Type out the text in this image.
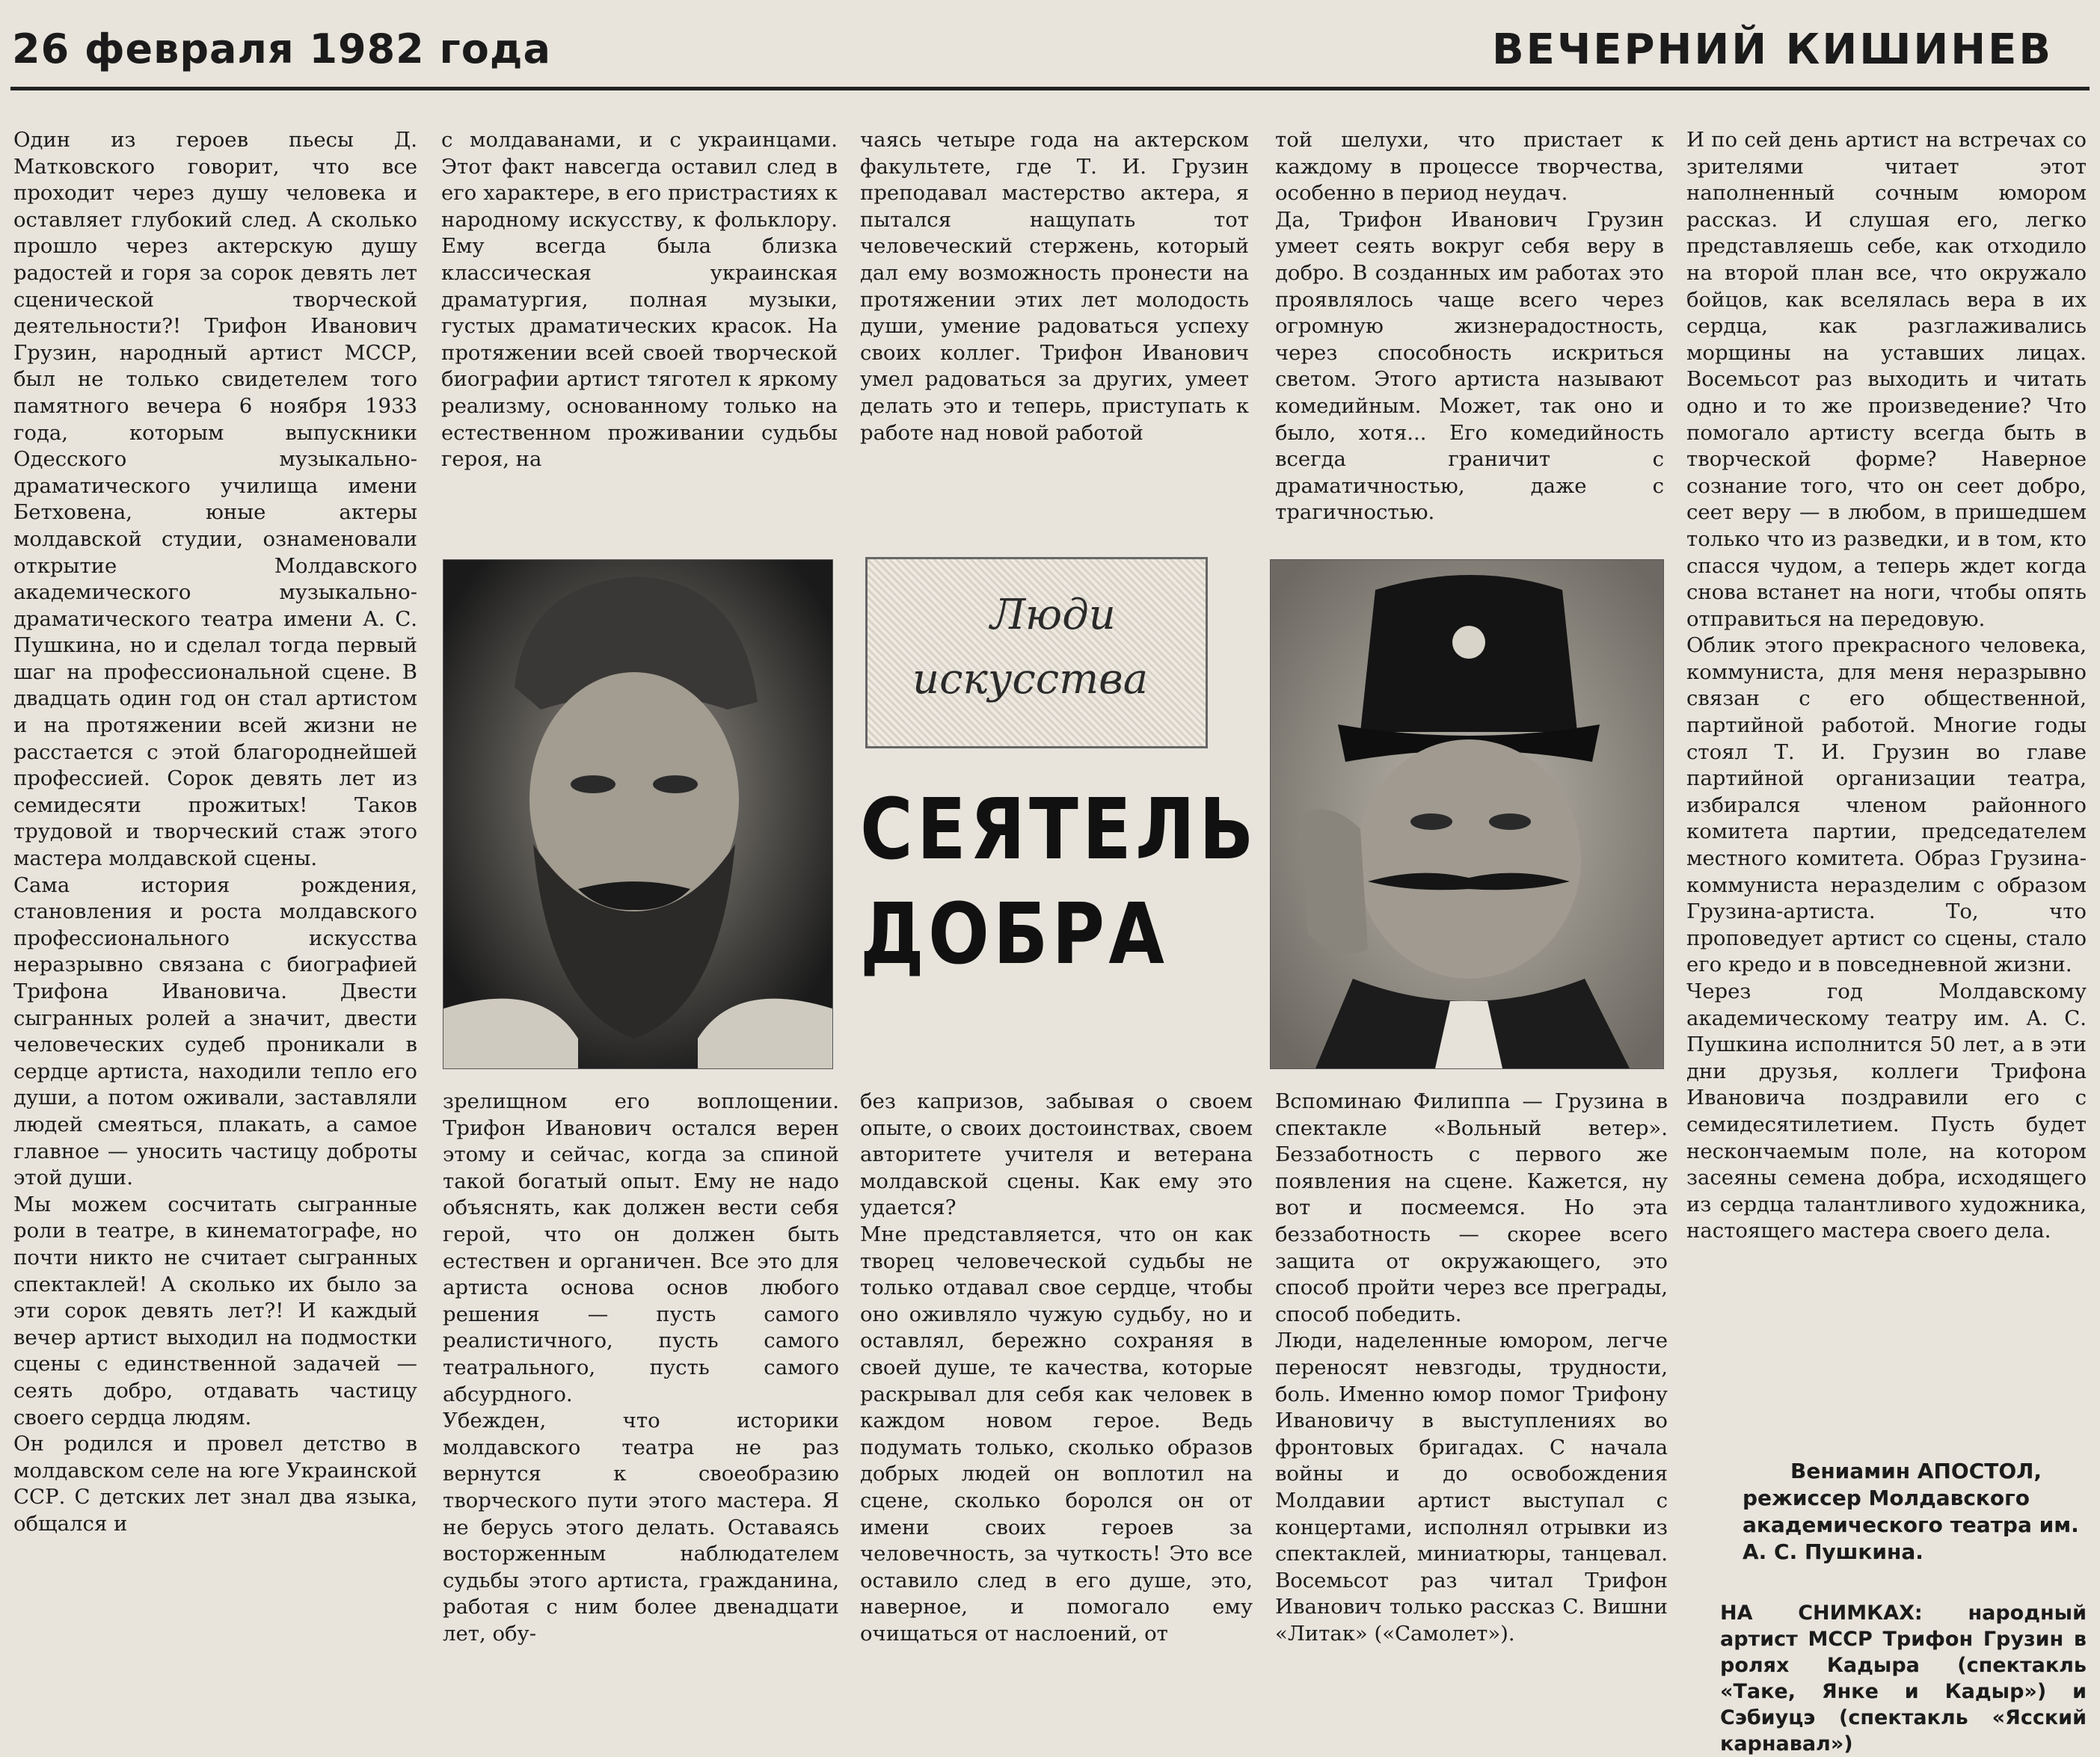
26 февраля 1982 года	ВЕЧЕРНИЙ КИШИНЕВ
Один из героев пьесы Д. Матковского говорит, что все проходит через душу человека и оставляет глубокий след. А сколько прошло через актерскую душу радостей и горя за сорок девять лет сценической творческой деятельности?! Трифон Иванович Грузин, народный артист МССР, был не только свидетелем того памятного вечера 6 ноября 1933 года, которым выпускники Одесского музыкально-драматического училища имени Бетховена, юные актеры молдавской студии, ознаменовали открытие Молдавского академического музыкально-драматического театра имени А. С. Пушкина, но и сделал тогда первый шаг на профессиональной сцене. В двадцать один год он стал артистом и на протяжении всей жизни не расстается с этой благороднейшей профессией. Сорок девять лет из семидесяти прожитых! Таков трудовой и творческий стаж этого мастера молдавской сцены.
Сама история рождения, становления и роста молдавского профессионального искусства неразрывно связана с биографией Трифона Ивановича. Двести сыгранных ролей а значит, двести человеческих судеб проникали в сердце артиста, находили тепло его души, а потом оживали, заставляли людей смеяться, плакать, а самое главное — уносить частицу доброты этой души.
Мы можем сосчитать сыгранные роли в театре, в кинематографе, но почти никто не считает сыгранных спектаклей! А сколько их было за эти сорок девять лет?! И каждый вечер артист выходил на подмостки сцены с единственной задачей — сеять добро, отдавать частицу своего сердца людям.
Он родился и провел детство в молдавском селе на юге Украинской ССР. С детских лет знал два языка, общался и
с молдаванами, и с украинцами. Этот факт навсегда оставил след в его характере, в его пристрастиях к народному искусству, к фольклору. Ему всегда была близка классическая украинская драматургия, полная музыки, густых драматических красок. На протяжении всей своей творческой биографии артист тяготел к яркому реализму, основанному только на естественном проживании судьбы героя, на
чаясь четыре года на актерском факультете, где Т. И. Грузин преподавал мастерство актера, я пытался нащупать тот человеческий стержень, который дал ему возможность пронести на протяжении этих лет молодость души, умение радоваться успеху своих коллег. Трифон Иванович умел радоваться за других, умеет делать это и теперь, приступать к работе над новой работой
той шелухи, что пристает к каждому в процессе творчества, особенно в период неудач.
Да, Трифон Иванович Грузин умеет сеять вокруг себя веру в добро. В созданных им работах это проявлялось чаще всего через огромную жизнерадостность, через способность искриться светом. Этого артиста называют комедийным. Может, так оно и было, хотя... Его комедийность всегда граничит с драматичностью, даже с трагичностью.
И по сей день артист на встречах со зрителями читает этот наполненный сочным юмором рассказ. И слушая его, легко представляешь себе, как отходило на второй план все, что окружало бойцов, как вселялась вера в их сердца, как разглаживались морщины на уставших лицах. Восемьсот раз выходить и читать одно и то же произведение? Что помогало артисту всегда быть в творческой форме? Наверное сознание того, что он сеет добро, сеет веру — в любом, в пришедшем только что из разведки, и в том, кто спасся чудом, а теперь ждет когда снова встанет на ноги, чтобы опять отправиться на передовую.
Облик этого прекрасного человека, коммуниста, для меня неразрывно связан с его общественной, партийной работой. Многие годы стоял Т. И. Грузин во главе партийной организации театра, избирался членом районного комитета партии, председателем местного комитета. Образ Грузина-коммуниста неразделим с образом Грузина-артиста. То, что проповедует артист со сцены, стало его кредо и в повседневной жизни.
Через год Молдавскому академическому театру им. А. С. Пушкина исполнится 50 лет, а в эти дни друзья, коллеги Трифона Ивановича поздравили его с семидесятилетием. Пусть будет нескончаемым поле, на котором засеяны семена добра, исходящего из сердца талантливого художника, настоящего мастера своего дела.
Люди
искусства
СЕЯТЕЛЬ
ДОБРА
зрелищном его воплощении. Трифон Иванович остался верен этому и сейчас, когда за спиной такой богатый опыт. Ему не надо объяснять, как должен вести себя герой, что он должен быть естествен и органичен. Все это для артиста основа основ любого решения — пусть самого реалистичного, пусть самого театрального, пусть самого абсурдного.
Убежден, что историки молдавского театра не раз вернутся к своеобразию творческого пути этого мастера. Я не берусь этого делать. Оставаясь восторженным наблюдателем судьбы этого артиста, гражданина, работая с ним более двенадцати лет, обу-
без капризов, забывая о своем опыте, о своих достоинствах, своем авторитете учителя и ветерана молдавской сцены. Как ему это удается?
Мне представляется, что он как творец человеческой судьбы не только отдавал свое сердце, чтобы оно оживляло чужую судьбу, но и оставлял, бережно сохраняя в своей душе, те качества, которые раскрывал для себя как человек в каждом новом герое. Ведь подумать только, сколько образов добрых людей он воплотил на сцене, сколько боролся он от имени своих героев за человечность, за чуткость! Это все оставило след в его душе, это, наверное, и помогало ему очищаться от наслоений, от
Вспоминаю Филиппа — Грузина в спектакле «Вольный ветер». Беззаботность с первого же появления на сцене. Кажется, ну вот и посмеемся. Но эта беззаботность — скорее всего защита от окружающего, это способ пройти через все преграды, способ победить.
Люди, наделенные юмором, легче переносят невзгоды, трудности, боль. Именно юмор помог Трифону Ивановичу в выступлениях во фронтовых бригадах. С начала войны и до освобождения Молдавии артист выступал с концертами, исполнял отрывки из спектаклей, миниатюры, танцевал. Восемьсот раз читал Трифон Иванович только рассказ С. Вишни «Литак» («Самолет»).
Вениамин АПОСТОЛ,
режиссер Молдавского академического театра им. А. С. Пушкина.
НА СНИМКАХ: народный артист МССР Трифон Грузин в ролях Кадыра (спектакль «Таке, Янке и Кадыр») и Сэбиуцэ (спектакль «Ясский карнавал»)
